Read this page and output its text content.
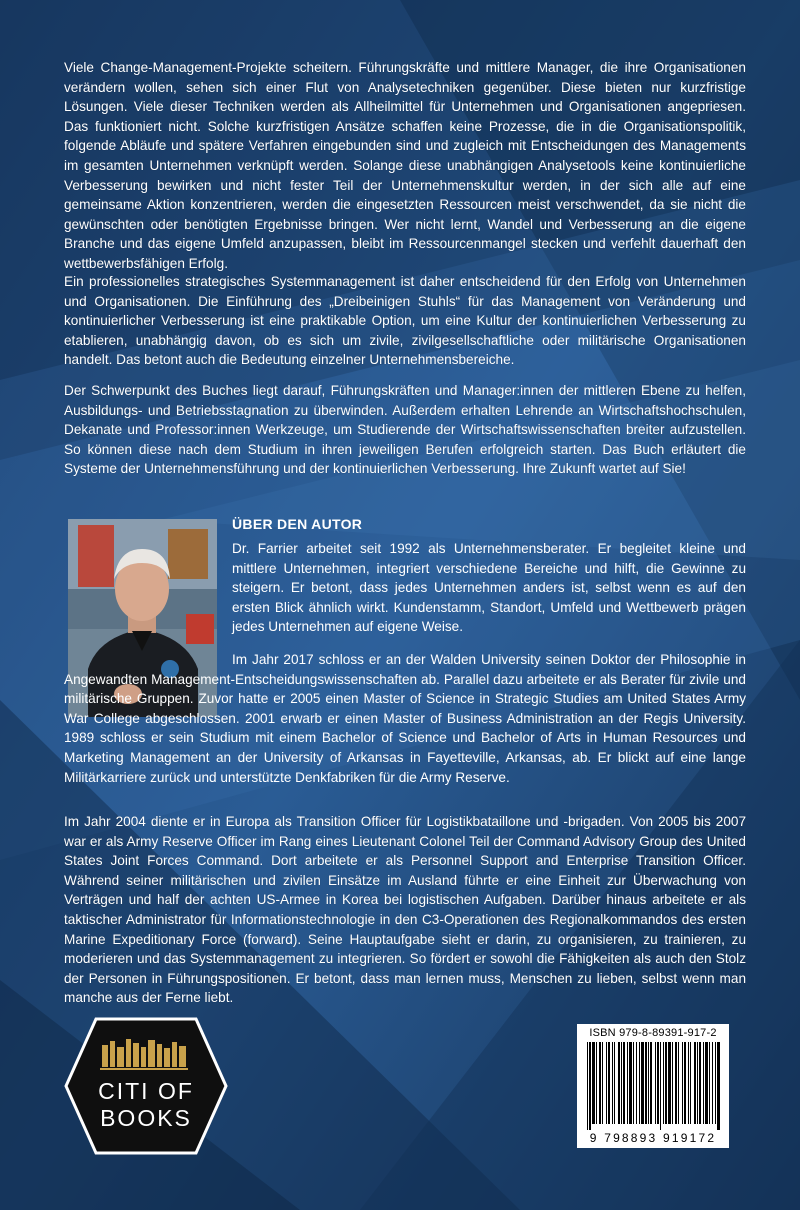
Viele Change-Management-Projekte scheitern. Führungskräfte und mittlere Manager, die ihre Organisationen verändern wollen, sehen sich einer Flut von Analysetechniken gegenüber. Diese bieten nur kurzfristige Lösungen. Viele dieser Techniken werden als Allheilmittel für Unternehmen und Organisationen angepriesen. Das funktioniert nicht. Solche kurzfristigen Ansätze schaffen keine Prozesse, die in die Organisationspolitik, folgende Abläufe und spätere Verfahren eingebunden sind und zugleich mit Entscheidungen des Managements im gesamten Unternehmen verknüpft werden. Solange diese unabhängigen Analysetools keine kontinuierliche Verbesserung bewirken und nicht fester Teil der Unternehmenskultur werden, in der sich alle auf eine gemeinsame Aktion konzentrieren, werden die eingesetzten Ressourcen meist verschwendet, da sie nicht die gewünschten oder benötigten Ergebnisse bringen. Wer nicht lernt, Wandel und Verbesserung an die eigene Branche und das eigene Umfeld anzupassen, bleibt im Ressourcenmangel stecken und verfehlt dauerhaft den wettbewerbsfähigen Erfolg.

Ein professionelles strategisches Systemmanagement ist daher entscheidend für den Erfolg von Unternehmen und Organisationen. Die Einführung des „Dreibeinigen Stuhls“ für das Management von Veränderung und kontinuierlicher Verbesserung ist eine praktikable Option, um eine Kultur der kontinuierlichen Verbesserung zu etablieren, unabhängig davon, ob es sich um zivile, zivilgesellschaftliche oder militärische Organisationen handelt. Das betont auch die Bedeutung einzelner Unternehmensbereiche.

Der Schwerpunkt des Buches liegt darauf, Führungskräften und Manager:innen der mittleren Ebene zu helfen, Ausbildungs- und Betriebsstagnation zu überwinden. Außerdem erhalten Lehrende an Wirtschaftshochschulen, Dekanate und Professor:innen Werkzeuge, um Studierende der Wirtschaftswissenschaften breiter aufzustellen. So können diese nach dem Studium in ihren jeweiligen Berufen erfolgreich starten. Das Buch erläutert die Systeme der Unternehmensführung und der kontinuierlichen Verbesserung. Ihre Zukunft wartet auf Sie!

ÜBER DEN AUTOR

Dr. Farrier arbeitet seit 1992 als Unternehmensberater. Er begleitet kleine und mittlere Unternehmen, integriert verschiedene Bereiche und hilft, die Gewinne zu steigern. Er betont, dass jedes Unternehmen anders ist, selbst wenn es auf den ersten Blick ähnlich wirkt. Kundenstamm, Standort, Umfeld und Wettbewerb prägen jedes Unternehmen auf eigene Weise.

Im Jahr 2017 schloss er an der Walden University seinen Doktor der Philosophie in Angewandten Management-Entscheidungswissenschaften ab. Parallel dazu arbeitete er als Berater für zivile und militärische Gruppen. Zuvor hatte er 2005 einen Master of Science in Strategic Studies am United States Army War College abgeschlossen. 2001 erwarb er einen Master of Business Administration an der Regis University. 1989 schloss er sein Studium mit einem Bachelor of Science und Bachelor of Arts in Human Resources und Marketing Management an der University of Arkansas in Fayetteville, Arkansas, ab. Er blickt auf eine lange Militärkarriere zurück und unterstützte Denkfabriken für die Army Reserve.

Im Jahr 2004 diente er in Europa als Transition Officer für Logistikbataillone und -brigaden. Von 2005 bis 2007 war er als Army Reserve Officer im Rang eines Lieutenant Colonel Teil der Command Advisory Group des United States Joint Forces Command. Dort arbeitete er als Personnel Support and Enterprise Transition Officer. Während seiner militärischen und zivilen Einsätze im Ausland führte er eine Einheit zur Überwachung von Verträgen und half der achten US-Armee in Korea bei logistischen Aufgaben. Darüber hinaus arbeitete er als taktischer Administrator für Informationstechnologie in den C3-Operationen des Regionalkommandos des ersten Marine Expeditionary Force (forward). Seine Hauptaufgabe sieht er darin, zu organisieren, zu trainieren, zu moderieren und das Systemmanagement zu integrieren. So fördert er sowohl die Fähigkeiten als auch den Stolz der Personen in Führungspositionen. Er betont, dass man lernen muss, Menschen zu lieben, selbst wenn man manche aus der Ferne liebt.

CITI OF
BOOKS
ISBN 979-8-89391-917-2
9 798893 919172
